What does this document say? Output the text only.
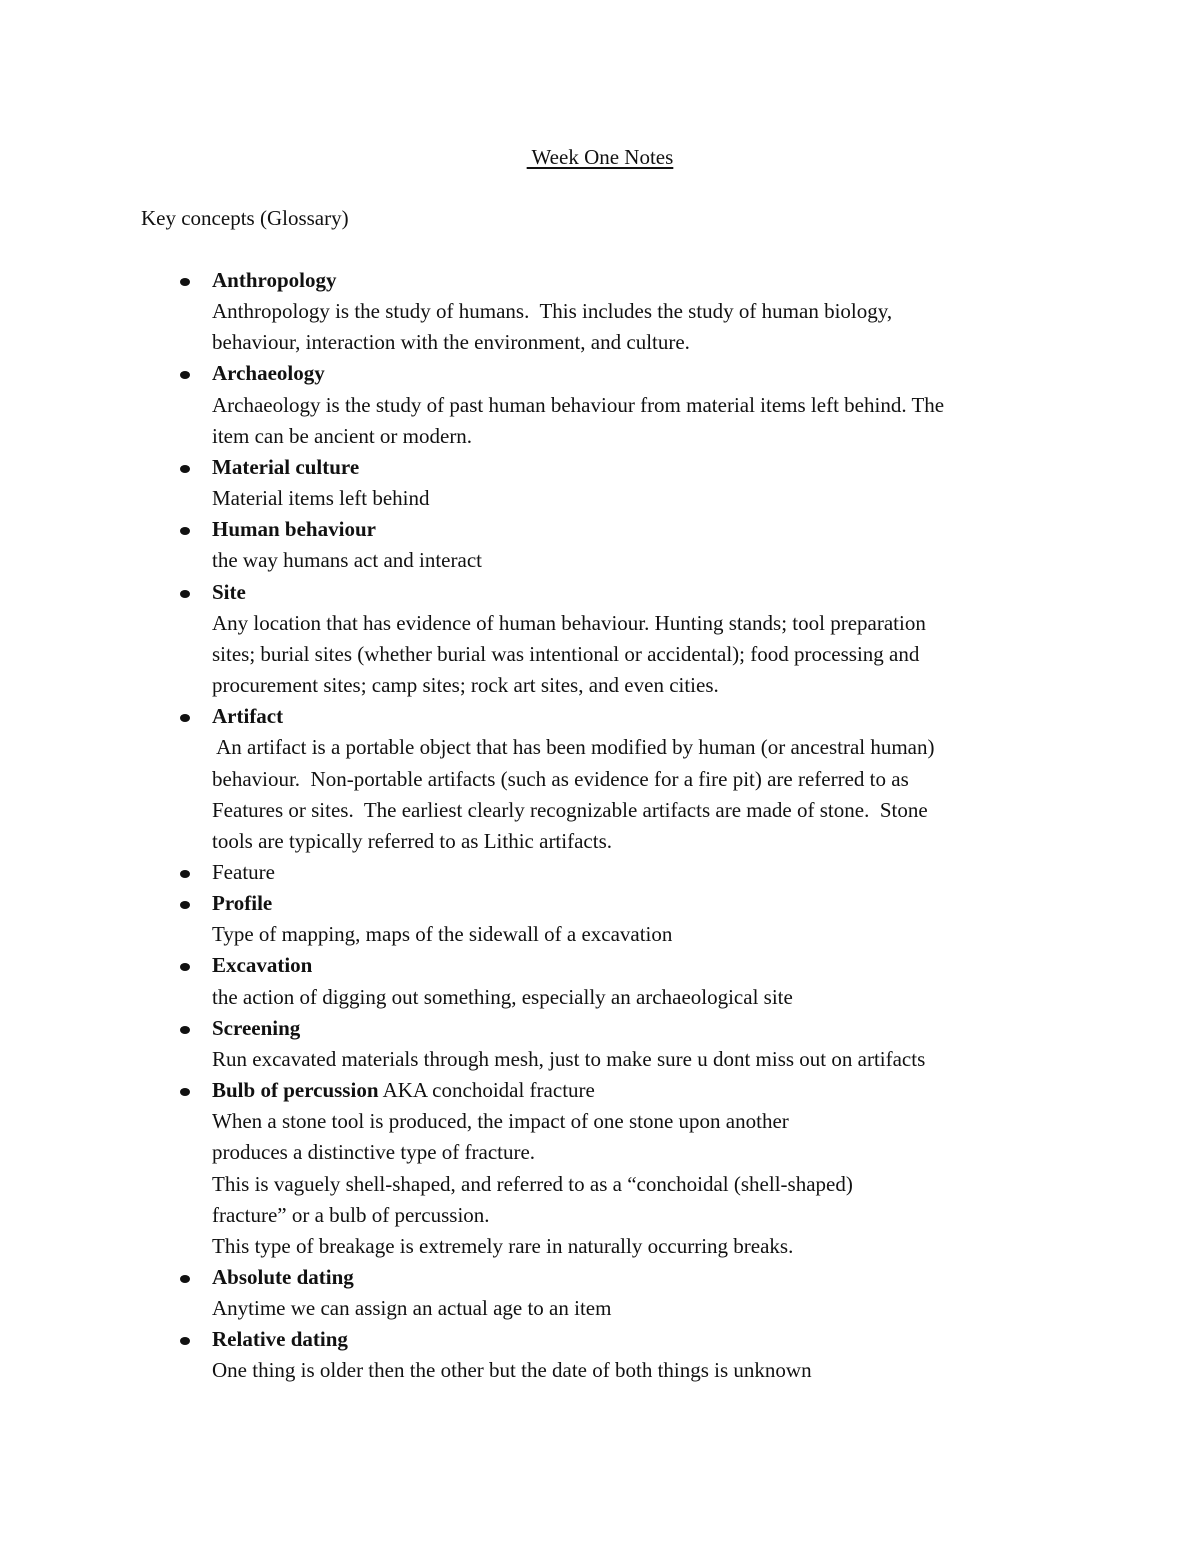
Week One Notes
Key concepts (Glossary)
Anthropology
Anthropology is the study of humans.  This includes the study of human biology,
behaviour, interaction with the environment, and culture.
Archaeology
Archaeology is the study of past human behaviour from material items left behind. The
item can be ancient or modern.
Material culture
Material items left behind
Human behaviour
the way humans act and interact
Site
Any location that has evidence of human behaviour. Hunting stands; tool preparation
sites; burial sites (whether burial was intentional or accidental); food processing and
procurement sites; camp sites; rock art sites, and even cities.
Artifact
An artifact is a portable object that has been modified by human (or ancestral human)
behaviour.  Non-portable artifacts (such as evidence for a fire pit) are referred to as
Features or sites.  The earliest clearly recognizable artifacts are made of stone.  Stone
tools are typically referred to as Lithic artifacts.
Feature
Profile
Type of mapping, maps of the sidewall of a excavation
Excavation
the action of digging out something, especially an archaeological site
Screening
Run excavated materials through mesh, just to make sure u dont miss out on artifacts
Bulb of percussion AKA conchoidal fracture
When a stone tool is produced, the impact of one stone upon another
produces a distinctive type of fracture.
This is vaguely shell-shaped, and referred to as a “conchoidal (shell-shaped)
fracture” or a bulb of percussion.
This type of breakage is extremely rare in naturally occurring breaks.
Absolute dating
Anytime we can assign an actual age to an item
Relative dating
One thing is older then the other but the date of both things is unknown
